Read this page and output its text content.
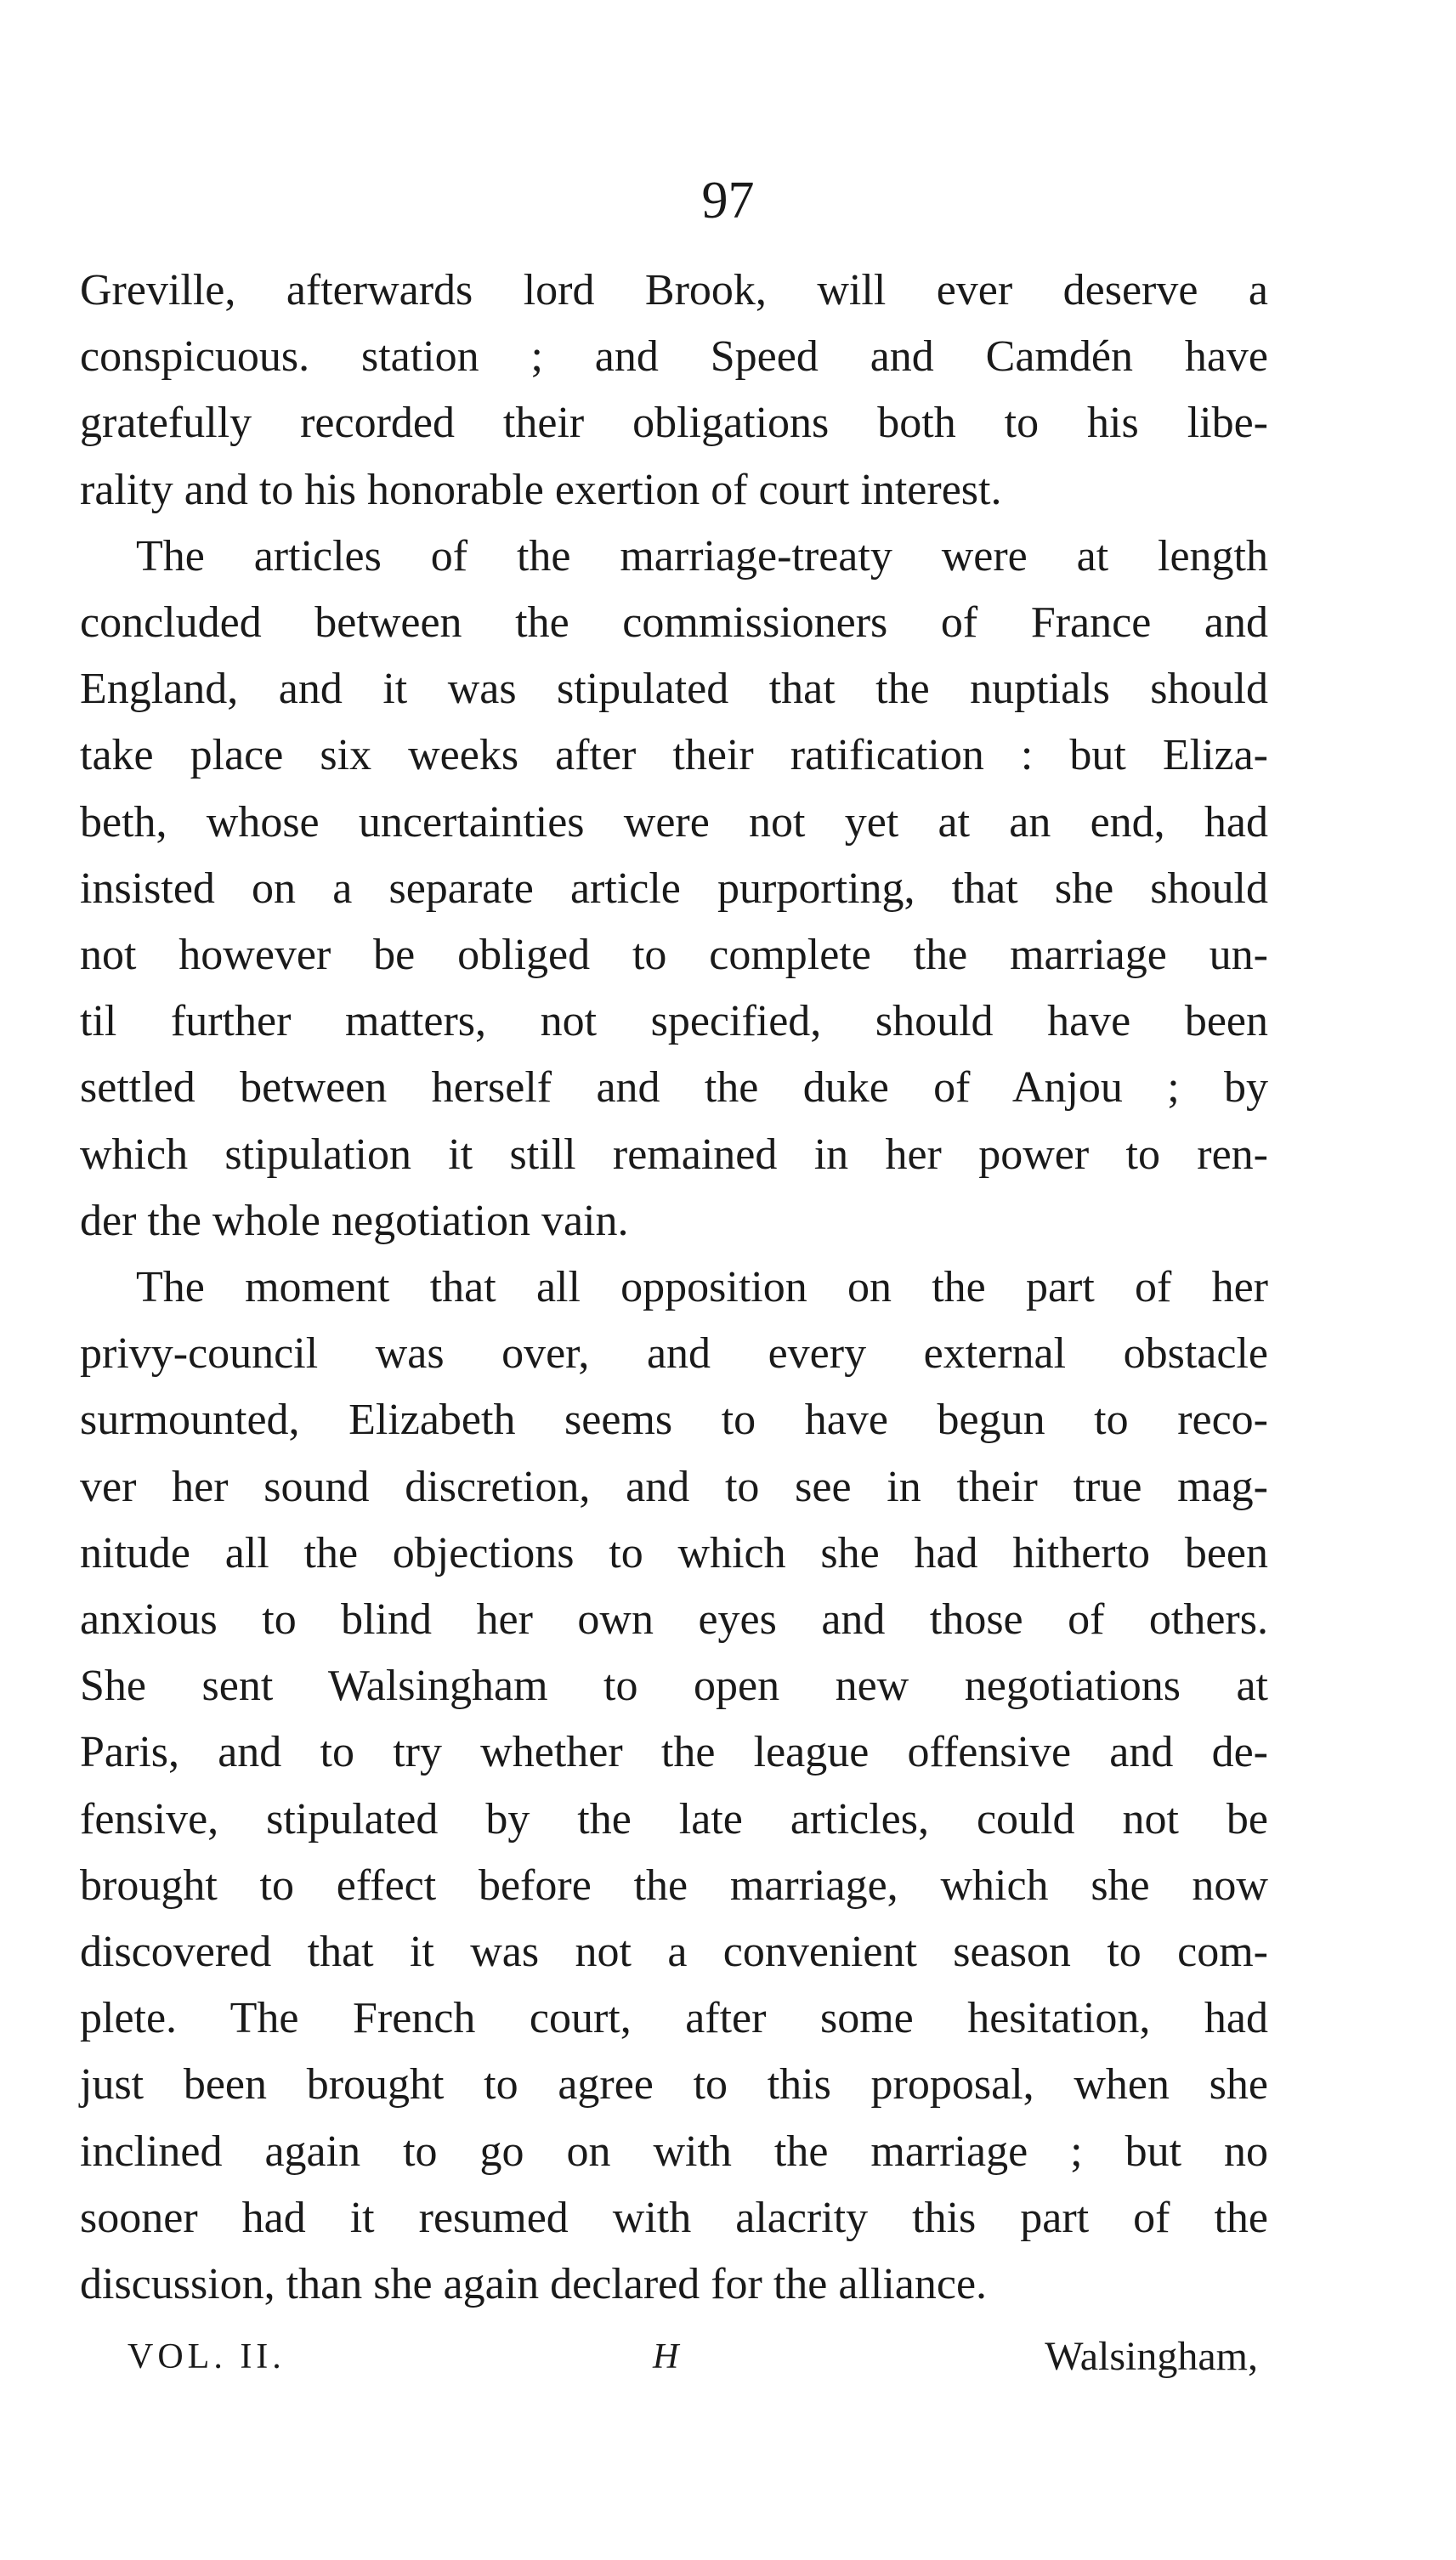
97
Greville, afterwards lord Brook, will ever deserve a
conspicuous. station ; and Speed and Camdén have
gratefully recorded their obligations both to his libe-
rality and to his honorable exertion of court interest.
The articles of the marriage-treaty were at length
concluded between the commissioners of France and
England, and it was stipulated that the nuptials should
take place six weeks after their ratification : but Eliza-
beth, whose uncertainties were not yet at an end, had
insisted on a separate article purporting, that she should
not however be obliged to complete the marriage un-
til further matters, not specified, should have been
settled between herself and the duke of Anjou ; by
which stipulation it still remained in her power to ren-
der the whole negotiation vain.
The moment that all opposition on the part of her
privy-council was over, and every external obstacle
surmounted, Elizabeth seems to have begun to reco-
ver her sound discretion, and to see in their true mag-
nitude all the objections to which she had hitherto been
anxious to blind her own eyes and those of others.
She sent Walsingham to open new negotiations at
Paris, and to try whether the league offensive and de-
fensive, stipulated by the late articles, could not be
brought to effect before the marriage, which she now
discovered that it was not a convenient season to com-
plete. The French court, after some hesitation, had
just been brought to agree to this proposal, when she
inclined again to go on with the marriage ; but no
sooner had it resumed with alacrity this part of the
discussion, than she again declared for the alliance.
VOL. II.	H	Walsingham,
